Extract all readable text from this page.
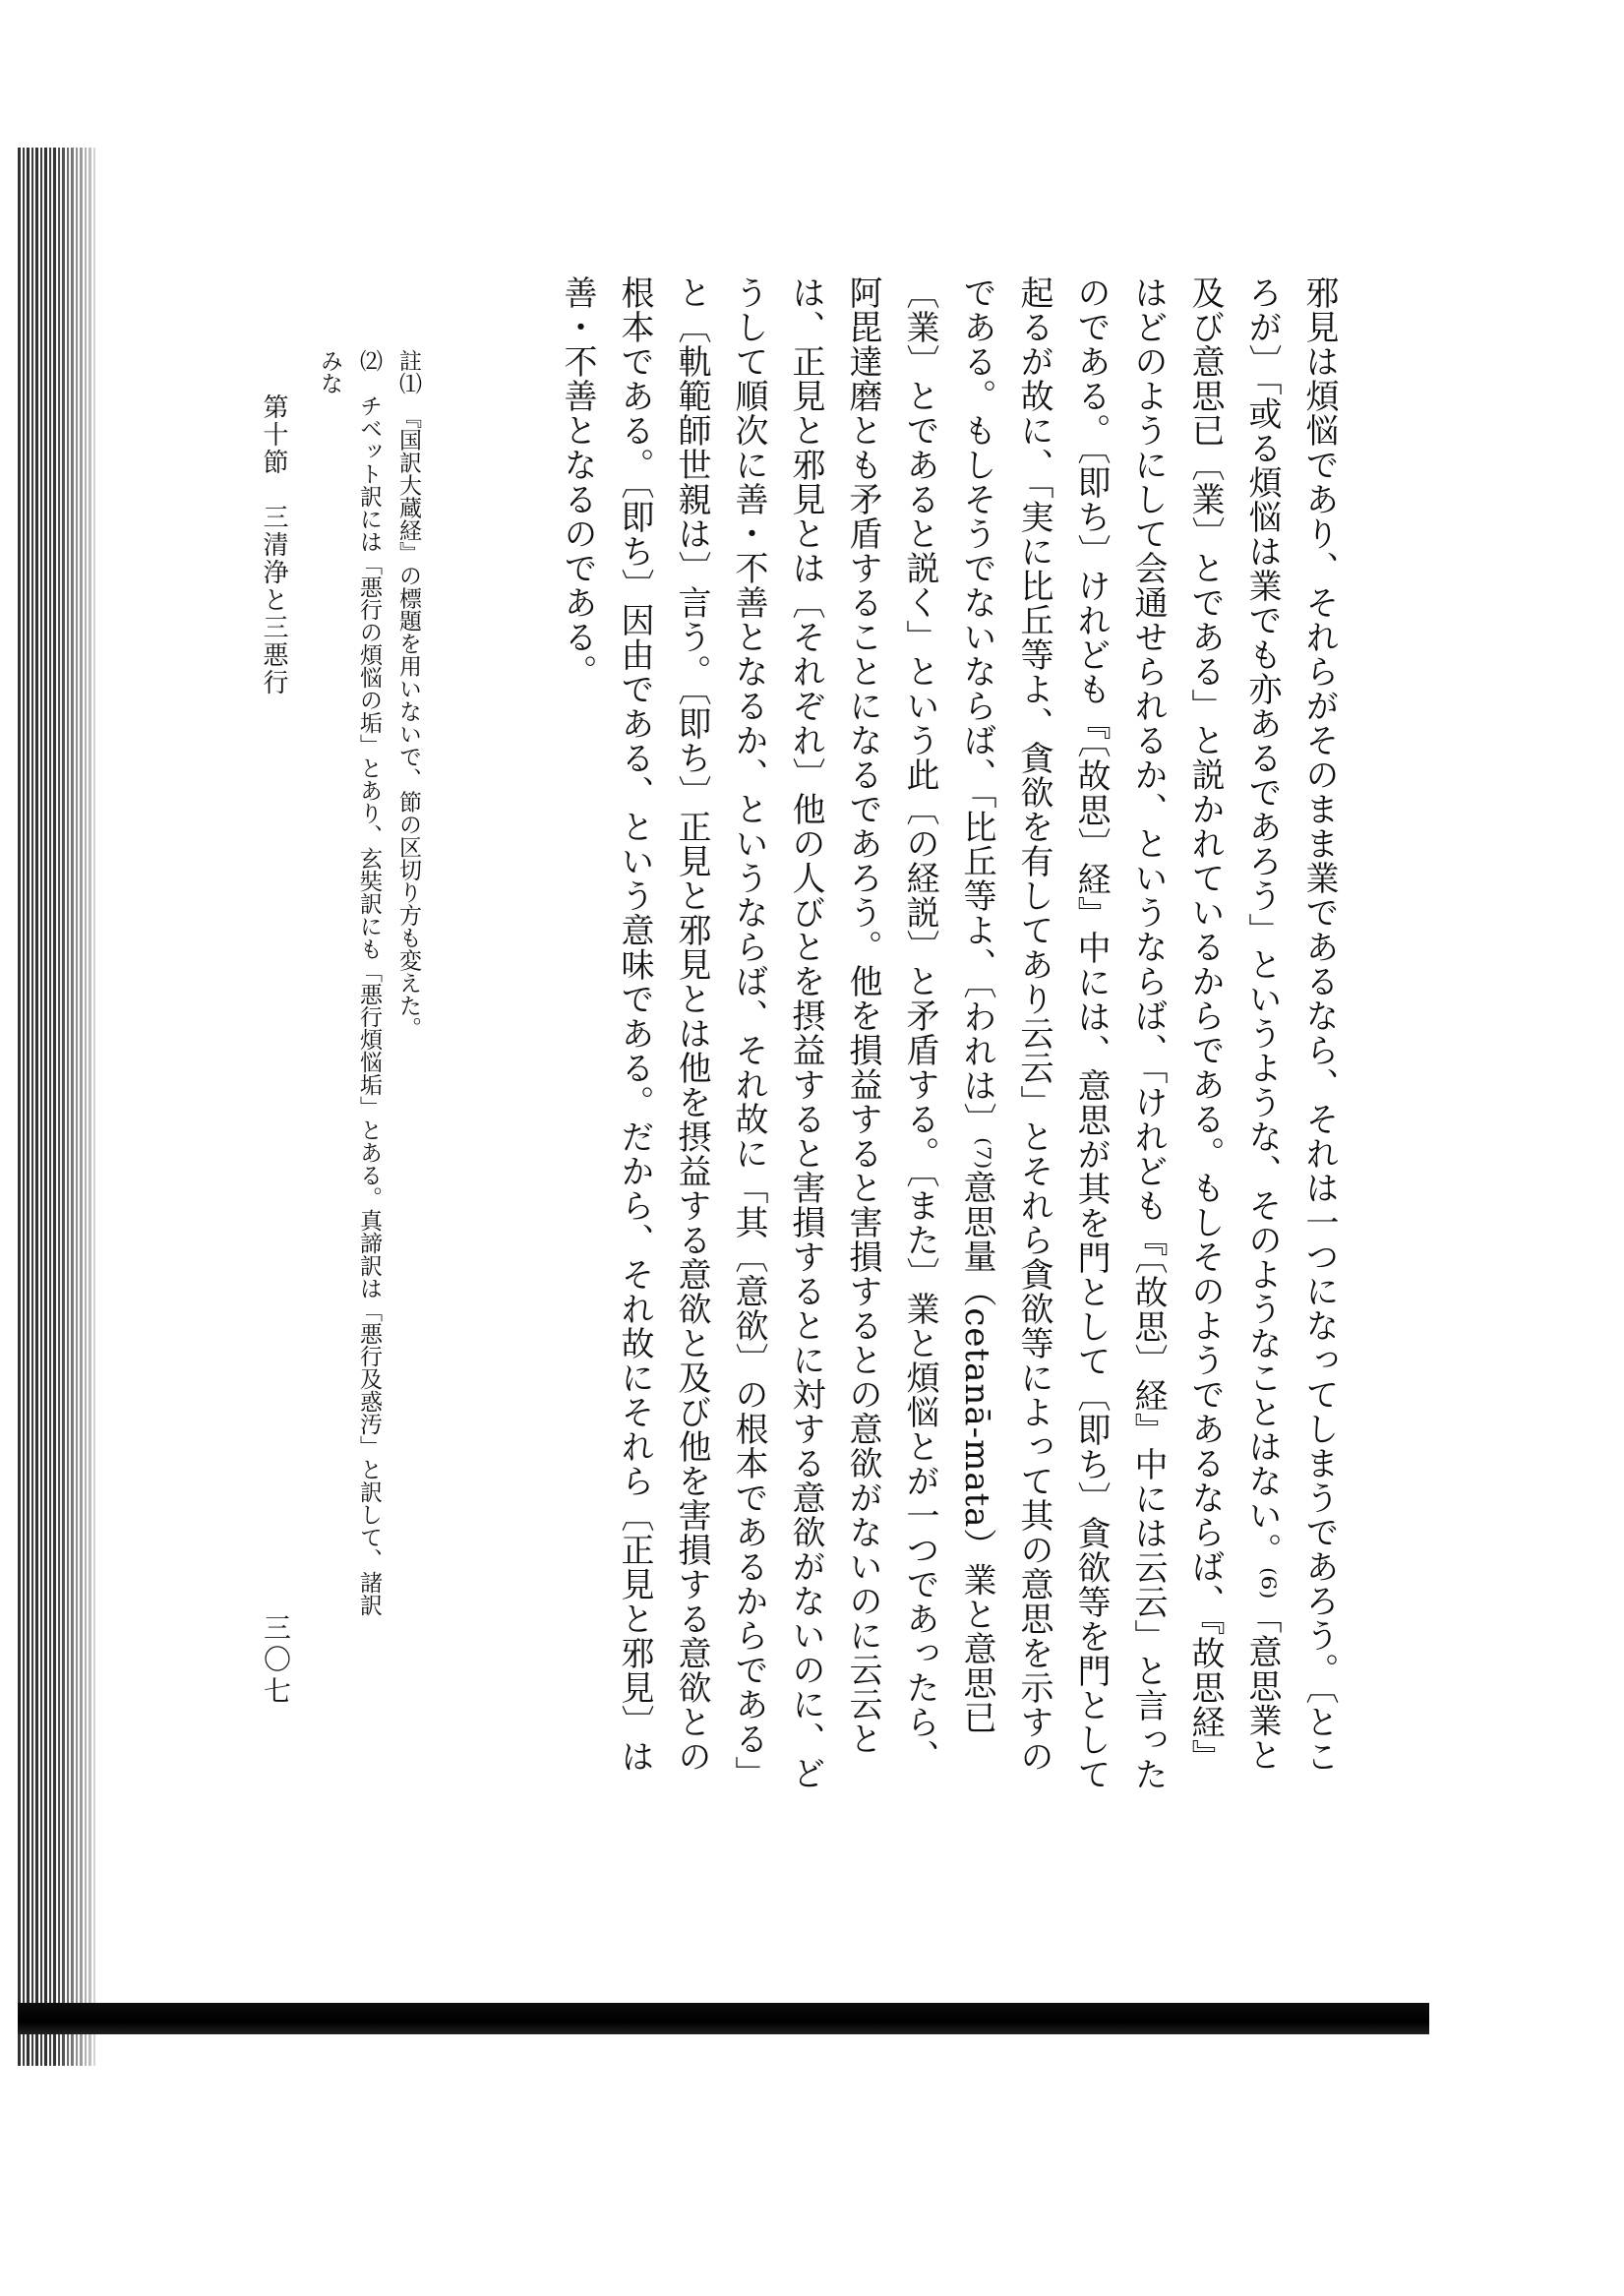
邪見は煩悩であり、それらがそのまま業であるなら、それは一つになってしまうであろう。〔ところが〕「或る煩悩は業でも亦あるであろう」というような、そのようなことはない。⁽⁶⁾「意思業と及び意思已〔業〕とである」と説かれているからである。もしそのようであるならば、『故思経』はどのようにして会通せられるか、というならば、「けれども『〔故思〕経』中には云云」と言ったのである。〔即ち〕けれども『〔故思〕経』中には、意思が其を門として〔即ち〕貪欲等を門として起るが故に、「実に比丘等よ、貪欲を有してあり云云」とそれら貪欲等によって其の意思を示すのである。もしそうでないならば、「比丘等よ、〔われは〕⁽⁷⁾意思量（cetanā-mata）業と意思已〔業〕とであると説く」という此〔の経説〕と矛盾する。〔また〕業と煩悩とが一つであったら、阿毘達磨とも矛盾することになるであろう。他を損益すると害損するとの意欲がないのに云云とは、正見と邪見とは〔それぞれ〕他の人びとを摂益すると害損するとに対する意欲がないのに、どうして順次に善・不善となるか、というならば、それ故に「其〔意欲〕の根本であるからである」と〔軌範師世親は〕言う。〔即ち〕正見と邪見とは他を摂益する意欲と及び他を害損する意欲との根本である。〔即ち〕因由である、という意味である。だから、それ故にそれら〔正見と邪見〕は善・不善となるのである。

註⑴　『国訳大蔵経』の標題を用いないで、節の区切り方も変えた。

⑵　チベット訳には「悪行の煩悩の垢」とあり、玄奘訳にも「悪行煩悩垢」とある。真諦訳は「悪行及惑汚」と訳して、諸訳みな

第十節　三清浄と三悪行
三〇七
